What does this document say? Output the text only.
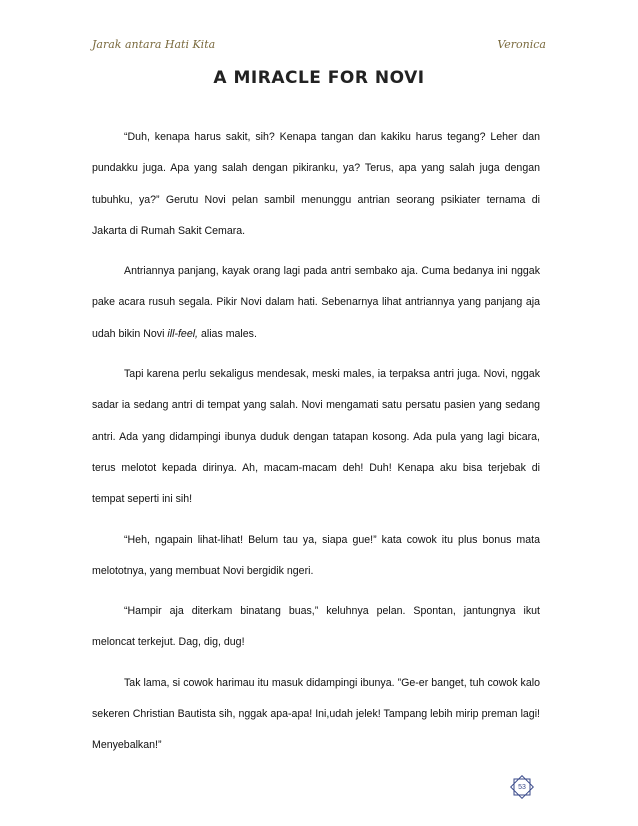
Jarak antara Hati Kita	Veronica
A MIRACLE FOR NOVI

“Duh, kenapa harus sakit, sih? Kenapa tangan dan kakiku harus tegang? Leher dan pundakku juga. Apa yang salah dengan pikiranku, ya? Terus, apa yang salah juga dengan tubuhku, ya?” Gerutu Novi pelan sambil menunggu antrian seorang psikiater ternama di Jakarta di Rumah Sakit Cemara.

Antriannya panjang, kayak orang lagi pada antri sembako aja. Cuma bedanya ini nggak pake acara rusuh segala. Pikir Novi dalam hati. Sebenarnya lihat antriannya yang panjang aja udah bikin Novi ill-feel, alias males.

Tapi karena perlu sekaligus mendesak, meski males, ia terpaksa antri juga. Novi, nggak sadar ia sedang antri di tempat yang salah. Novi mengamati satu persatu pasien yang sedang antri. Ada yang didampingi ibunya duduk dengan tatapan kosong. Ada pula yang lagi bicara, terus melotot kepada dirinya. Ah, macam-macam deh! Duh! Kenapa aku bisa terjebak di tempat seperti ini sih!

“Heh, ngapain lihat-lihat! Belum tau ya, siapa gue!” kata cowok itu plus bonus mata melototnya, yang membuat Novi bergidik ngeri.

“Hampir aja diterkam binatang buas,” keluhnya pelan. Spontan, jantungnya ikut meloncat terkejut. Dag, dig, dug!

Tak lama, si cowok harimau itu masuk didampingi ibunya. ”Ge-er banget, tuh cowok kalo sekeren Christian Bautista sih, nggak apa-apa! Ini,udah jelek! Tampang lebih mirip preman lagi! Menyebalkan!”

53
